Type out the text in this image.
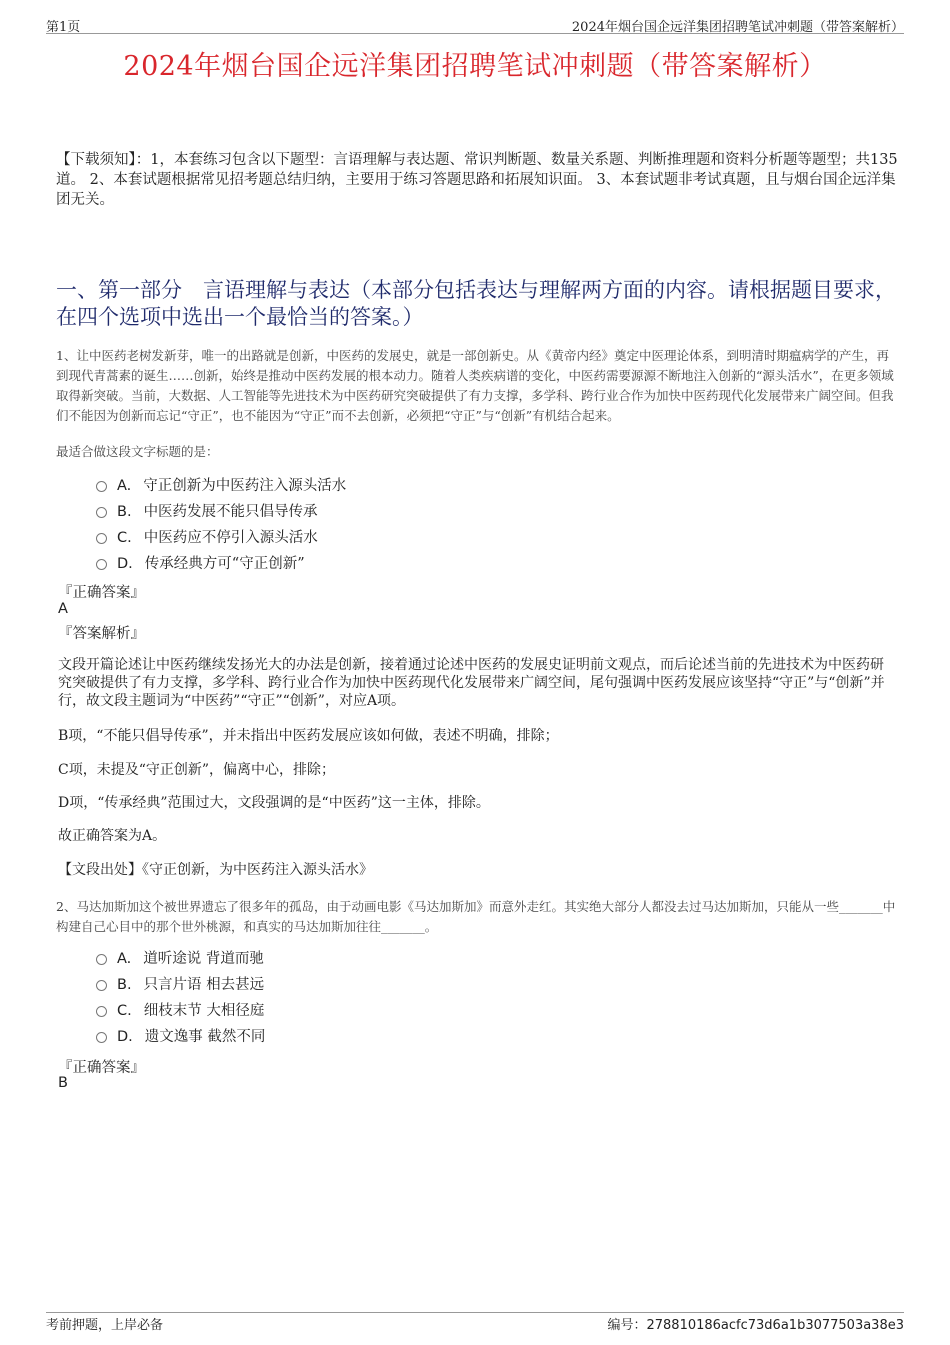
第1页	2024年烟台国企远洋集团招聘笔试冲刺题（带答案解析）
2024年烟台国企远洋集团招聘笔试冲刺题（带答案解析）
【下载须知】：1，本套练习包含以下题型：言语理解与表达题、常识判断题、数量关系题、判断推理题和资料分析题等题型；共135道。 2、本套试题根据常见招考题总结归纳，主要用于练习答题思路和拓展知识面。 3、本套试题非考试真题，且与烟台国企远洋集团无关。
一、第一部分　言语理解与表达（本部分包括表达与理解两方面的内容。请根据题目要求，在四个选项中选出一个最恰当的答案。）
1、让中医药老树发新芽，唯一的出路就是创新，中医药的发展史，就是一部创新史。从《黄帝内经》奠定中医理论体系，到明清时期瘟病学的产生，再到现代青蒿素的诞生……创新，始终是推动中医药发展的根本动力。随着人类疾病谱的变化，中医药需要源源不断地注入创新的“源头活水”，在更多领域取得新突破。当前，大数据、人工智能等先进技术为中医药研究突破提供了有力支撑，多学科、跨行业合作为加快中医药现代化发展带来广阔空间。但我们不能因为创新而忘记“守正”，也不能因为“守正”而不去创新，必须把“守正”与“创新”有机结合起来。
最适合做这段文字标题的是：
A. 守正创新为中医药注入源头活水
B. 中医药发展不能只倡导传承
C. 中医药应不停引入源头活水
D. 传承经典方可“守正创新”
『正确答案』
A
『答案解析』
文段开篇论述让中医药继续发扬光大的办法是创新，接着通过论述中医药的发展史证明前文观点，而后论述当前的先进技术为中医药研究突破提供了有力支撑，多学科、跨行业合作为加快中医药现代化发展带来广阔空间，尾句强调中医药发展应该坚持“守正”与“创新”并行，故文段主题词为“中医药”“守正”“创新”，对应A项。
B项，“不能只倡导传承”，并未指出中医药发展应该如何做，表述不明确，排除；
C项，未提及“守正创新”，偏离中心，排除；
D项，“传承经典”范围过大，文段强调的是“中医药”这一主体，排除。
故正确答案为A。
【文段出处】《守正创新，为中医药注入源头活水》
2、马达加斯加这个被世界遗忘了很多年的孤岛，由于动画电影《马达加斯加》而意外走红。其实绝大部分人都没去过马达加斯加，只能从一些_______中构建自己心目中的那个世外桃源，和真实的马达加斯加往往_______。
A. 道听途说 背道而驰
B. 只言片语 相去甚远
C. 细枝末节 大相径庭
D. 遗文逸事 截然不同
『正确答案』
B
考前押题，上岸必备	编号：278810186acfc73d6a1b3077503a38e3
